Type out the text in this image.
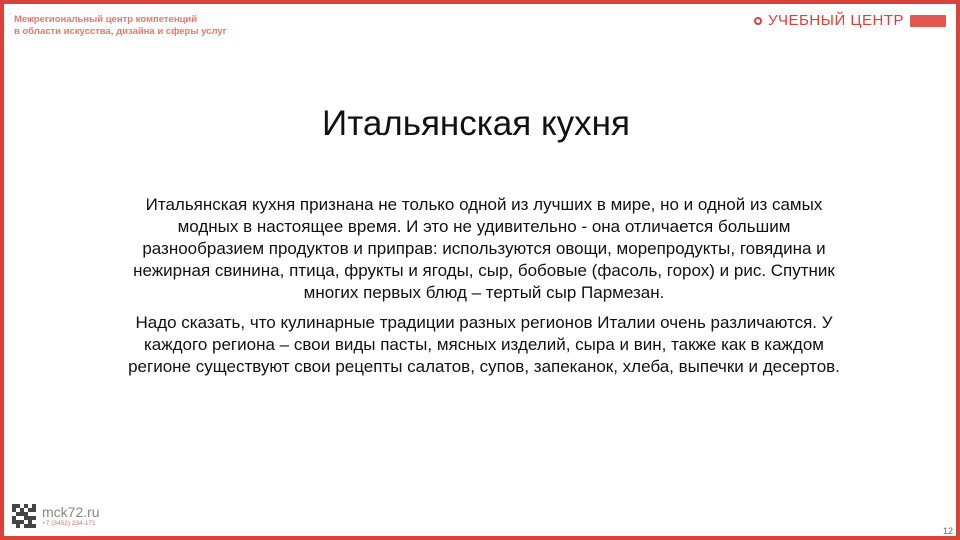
Межрегиональный центр компетенций
в области искусства, дизайна и сферы услуг
УЧЕБНЫЙ ЦЕНТР
Итальянская кухня

Итальянская кухня признана не только одной из лучших в мире, но и одной из самых модных в настоящее время. И это не удивительно - она отличается большим разнообразием продуктов и приправ: используются овощи, морепродукты, говядина и нежирная свинина, птица, фрукты и ягоды, сыр, бобовые (фасоль, горох) и рис. Спутник многих первых блюд – тертый сыр Пармезан.

Надо сказать, что кулинарные традиции разных регионов Италии очень различаются. У каждого региона – свои виды пасты, мясных изделий, сыра и вин, также как в каждом регионе существуют свои рецепты салатов, супов, запеканок, хлеба, выпечки и десертов.

mck72.ru
+7 (3452) 234-171
12
